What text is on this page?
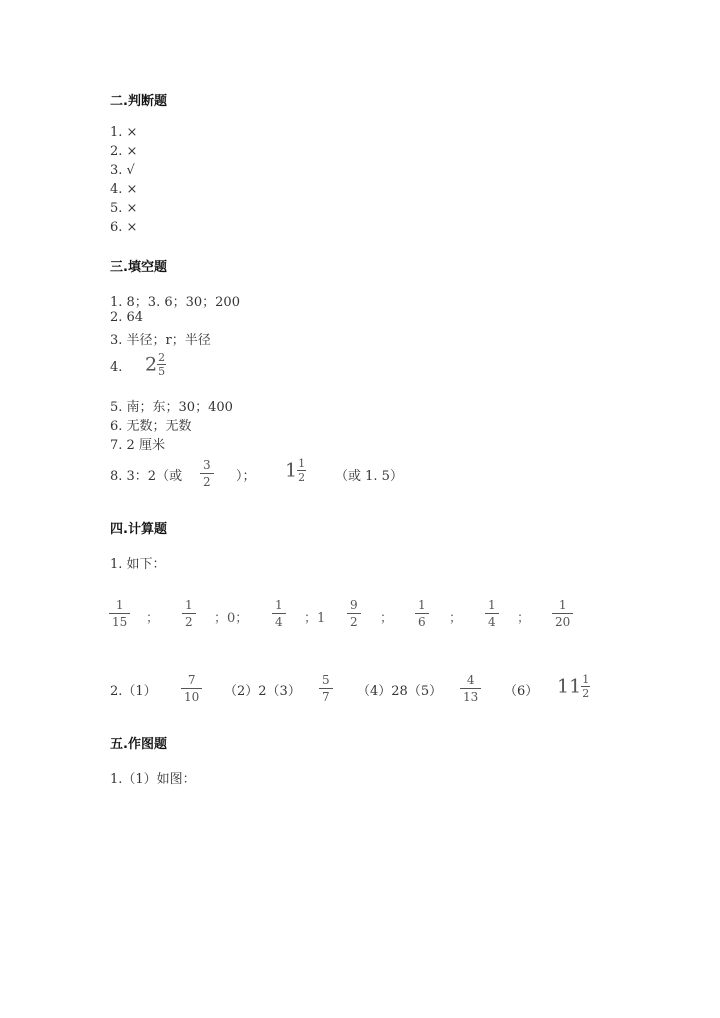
二.判断题
1. ×
2. ×
3. √
4. ×
5. ×
6. ×
三.填空题
1. 8；3. 6；30；200
2. 64
3. 半径；r；半径
4. $2 \frac{2}{5}$
5. 南；东；30；400
6. 无数；无数
7. 2 厘米
8. 3：2（或 $\frac{3}{2}$ ）； $1 \frac{1}{2}$ （或 1. 5）
四.计算题
1. 如下：
$\frac{1}{15}$ ； $\frac{1}{2}$ ；0； $\frac{1}{4}$ ；$1 \frac{9}{2}$ ； $\frac{1}{6}$ ； $\frac{1}{4}$ ； $\frac{1}{20}$
$2.(1) \frac{7}{10} (2)2(3) \frac{5}{7} (4)28(5) \frac{4}{13} (6)$ $11 \frac{1}{2}$
五.作图题
1.（1）如图：
